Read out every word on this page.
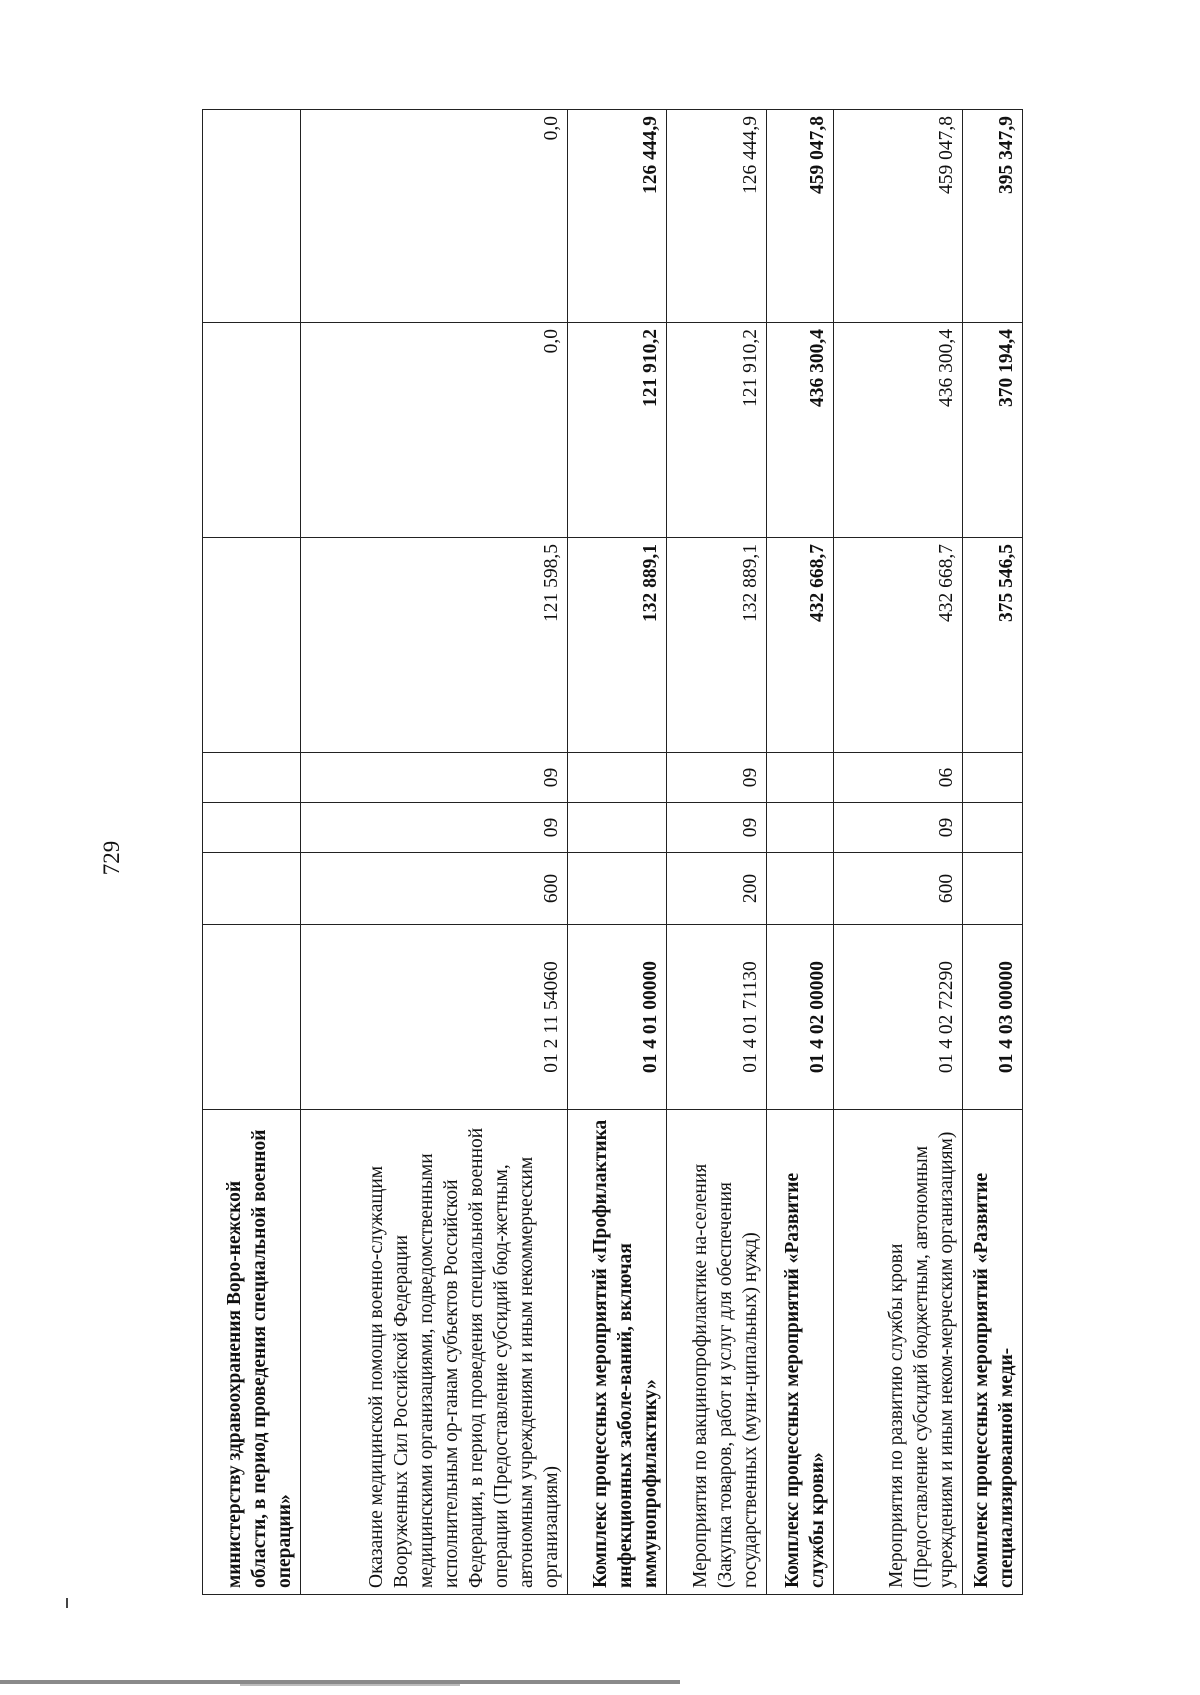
729
министерству здравоохранения Воро-нежской области, в период проведения специальной военной операции»							
Оказание медицинской помощи военно-служащим Вооруженных Сил Российской Федерации медицинскими организациями, подведомственными исполнительным ор-ганам субъектов Российской Федерации, в период проведения специальной военной операции (Предоставление субсидий бюд-жетным, автономным учреждениям и иным некоммерческим организациям)	01 2 11 54060	600	09	09	121 598,5	0,0	0,0
Комплекс процессных мероприятий «Профилактика инфекционных заболе-ваний, включая иммунопрофилактику»	01 4 01 00000				132 889,1	121 910,2	126 444,9
Мероприятия по вакцинопрофилактике на-селения (Закупка товаров, работ и услуг для обеспечения государственных (муни-ципальных) нужд)	01 4 01 71130	200	09	09	132 889,1	121 910,2	126 444,9
Комплекс процессных мероприятий «Развитие службы крови»	01 4 02 00000				432 668,7	436 300,4	459 047,8
Мероприятия по развитию службы крови (Предоставление субсидий бюджетным, автономным учреждениям и иным неком-мерческим организациям)	01 4 02 72290	600	09	06	432 668,7	436 300,4	459 047,8
Комплекс процессных мероприятий «Развитие специализированной меди-	01 4 03 00000				375 546,5	370 194,4	395 347,9
